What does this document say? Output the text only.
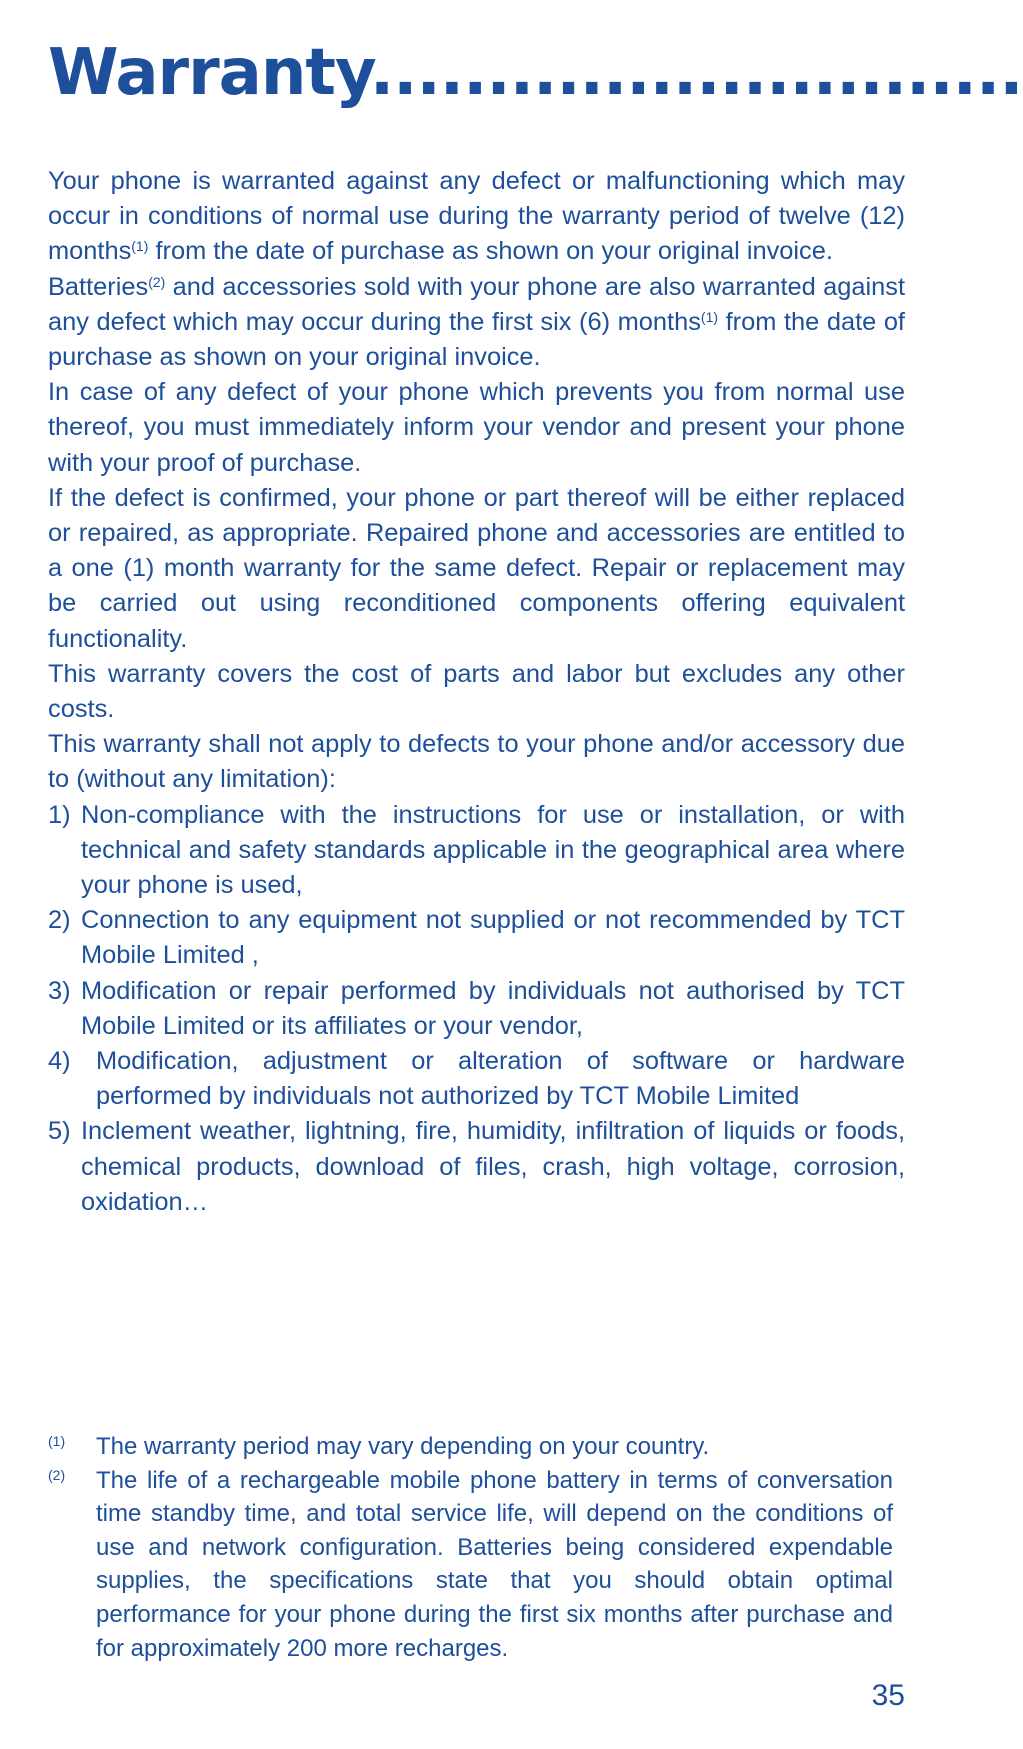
Warranty............................

Your phone is warranted against any defect or malfunctioning which may occur in conditions of normal use during the warranty period of twelve (12) months$^{(1)}$ from the date of purchase as shown on your original invoice.

Batteries$^{(2)}$ and accessories sold with your phone are also warranted against any defect which may occur during the first six (6) months$^{(1)}$ from the date of purchase as shown on your original invoice.

In case of any defect of your phone which prevents you from normal use thereof, you must immediately inform your vendor and present your phone with your proof of purchase.

If the defect is confirmed, your phone or part thereof will be either replaced or repaired, as appropriate. Repaired phone and accessories are entitled to a one (1) month warranty for the same defect. Repair or replacement may be carried out using reconditioned components offering equivalent functionality.

This warranty covers the cost of parts and labor but excludes any other costs.

This warranty shall not apply to defects to your phone and/or accessory due to (without any limitation):

1) Non-compliance with the instructions for use or installation, or with technical and safety standards applicable in the geographical area where your phone is used,
2) Connection to any equipment not supplied or not recommended by TCT Mobile Limited ,
3) Modification or repair performed by individuals not authorised by TCT Mobile Limited or its affiliates or your vendor,
4)	Modification, adjustment or alteration of software or hardware performed by individuals not authorized by TCT Mobile Limited
5) Inclement weather, lightning, fire, humidity, infiltration of liquids or foods, chemical products, download of files, crash, high voltage, corrosion, oxidation…
(1)	The warranty period may vary depending on your country.
(2)	The life of a rechargeable mobile phone battery in terms of conversation time standby time, and total service life, will depend on the conditions of use and network configuration. Batteries being considered expendable supplies, the specifications state that you should obtain optimal performance for your phone during the first six months after purchase and for approximately 200 more recharges.
35
